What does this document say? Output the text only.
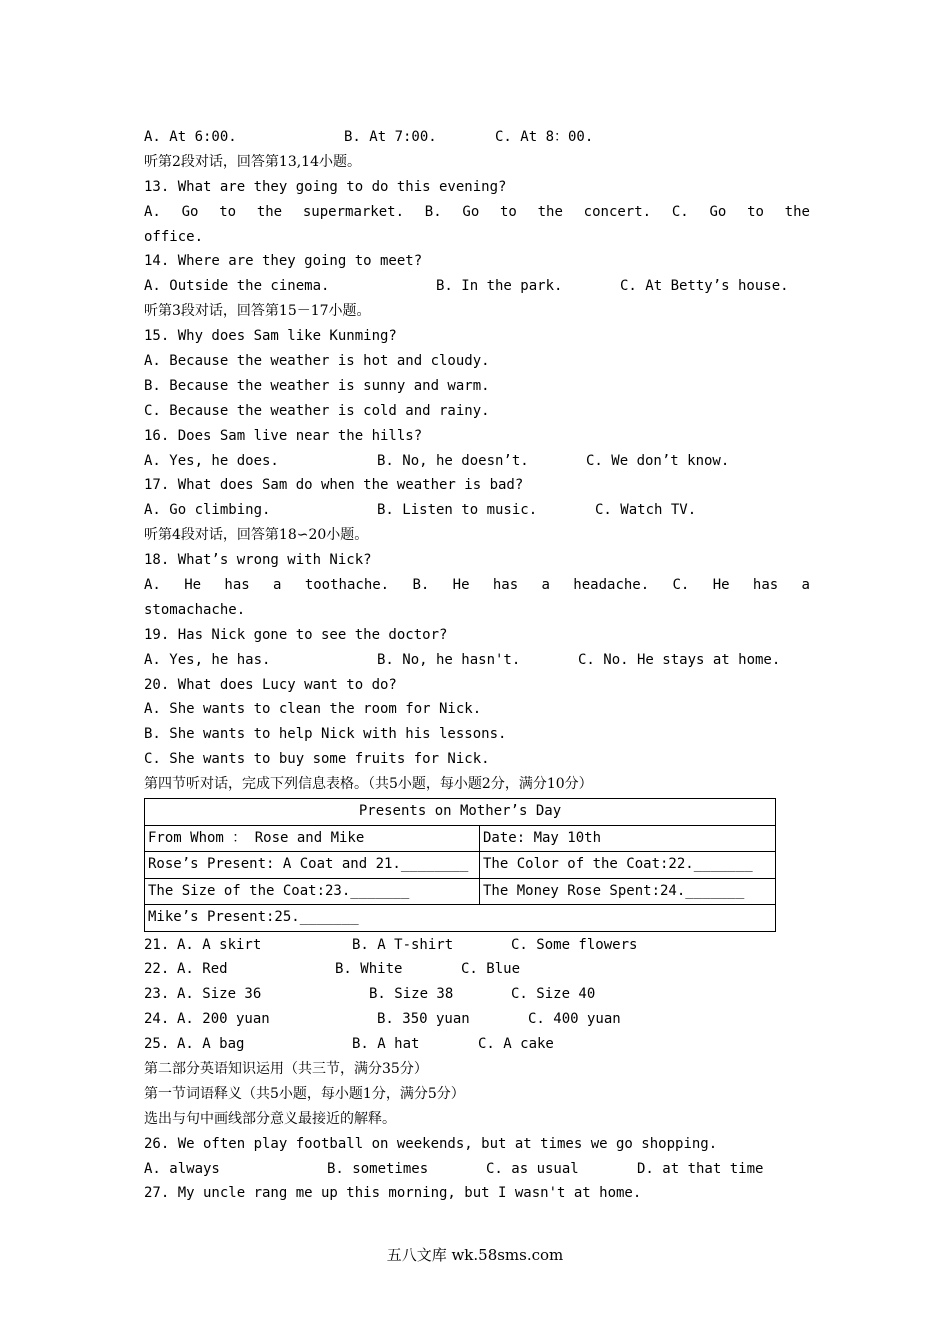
A. At 6:00.

	B. At 7:00.

	C. At 8：00.

听第2段对话，回答第13,14小题。
13. What are they going to do this evening?
A. Go to the supermarket. B. Go to the concert. C. Go to the
office.
14. Where are they going to meet?

A. Outside the cinema.

	B. In the park.

	C. At Betty’s house.

听第3段对话，回答第15－17小题。
15. Why does Sam like Kunming?
A. Because the weather is hot and cloudy.
B. Because the weather is sunny and warm.
C. Because the weather is cold and rainy.
16. Does Sam live near the hills?

A. Yes, he does.

	B. No, he doesn’t.

	C. We don’t know.

17. What does Sam do when the weather is bad?

A. Go climbing.

	B. Listen to music.

	C. Watch TV.

听第4段对话，回答第18∽20小题。
18. What’s wrong with Nick?
A. He has a toothache. B. He has a headache. C. He has a
stomachache.
19. Has Nick gone to see the doctor?

A. Yes, he has.

	B. No, he hasn't.

	C. No. He stays at home.

20. What does Lucy want to do?
A. She wants to clean the room for Nick.
B. She wants to help Nick with his lessons.
C. She wants to buy some fruits for Nick.
第四节听对话，完成下列信息表格。（共5小题，每小题2分，满分10分）
Presents on Mother’s Day	
From Whom ： Rose and Mike	Date: May 10th
Rose’s Present: A Coat and 21.________	The Color of the Coat:22._______
The Size of the Coat:23._______	The Money Rose Spent:24._______
Mike’s Present:25._______	

21.

A. A skirt

	B. A T-shirt

	C. Some flowers

22.

A. Red

	B. White

	C. Blue

23.

A. Size 36

	B. Size 38

	C. Size 40

24.

A. 200 yuan

	B. 350 yuan

	C. 400 yuan

25.

A. A bag

	B. A hat

	C. A cake

第二部分英语知识运用（共三节，满分35分）
第一节词语释义（共5小题，每小题1分，满分5分）
选出与句中画线部分意义最接近的解释。
26. We often play football on weekends, but at times we go shopping.

A. always

	B. sometimes

	C. as usual

	D. at that time

27. My uncle rang me up this morning, but I wasn't at home.
五八文库 wk.58sms.com
